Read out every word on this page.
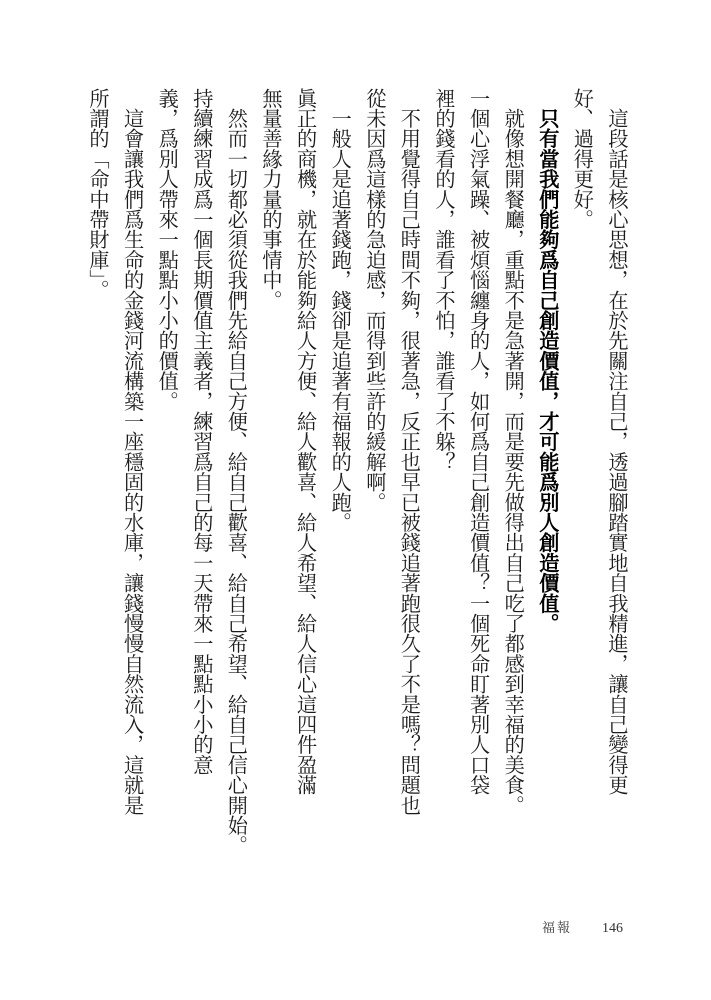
　這段話是核心思想，在於先關注自己，透過腳踏實地自我精進，讓自己變得更
好、過得更好。
　只有當我們能夠爲自己創造價值，才可能爲別人創造價值。
　就像想開餐廳，重點不是急著開，而是要先做得出自己吃了都感到幸福的美食。
一個心浮氣躁、被煩惱纏身的人，如何爲自己創造價值？一個死命盯著別人口袋
裡的錢看的人，誰看了不怕，誰看了不躲？
　不用覺得自己時間不夠，很著急，反正也早已被錢追著跑很久了不是嗎？問題也
從未因爲這樣的急迫感，而得到些許的緩解啊。
　一般人是追著錢跑，錢卻是追著有福報的人跑。
眞正的商機，就在於能夠給人方便、給人歡喜、給人希望、給人信心這四件盈滿
無量善緣力量的事情中。
　然而一切都必須從我們先給自己方便、給自己歡喜、給自己希望、給自己信心開始。
持續練習成爲一個長期價值主義者，練習爲自己的每一天帶來一點點小小的意
義，爲別人帶來一點點小小的價值。
　這會讓我們爲生命的金錢河流構築一座穩固的水庫，讓錢慢慢自然流入，這就是
所謂的「命中帶財庫」。
福報 146
